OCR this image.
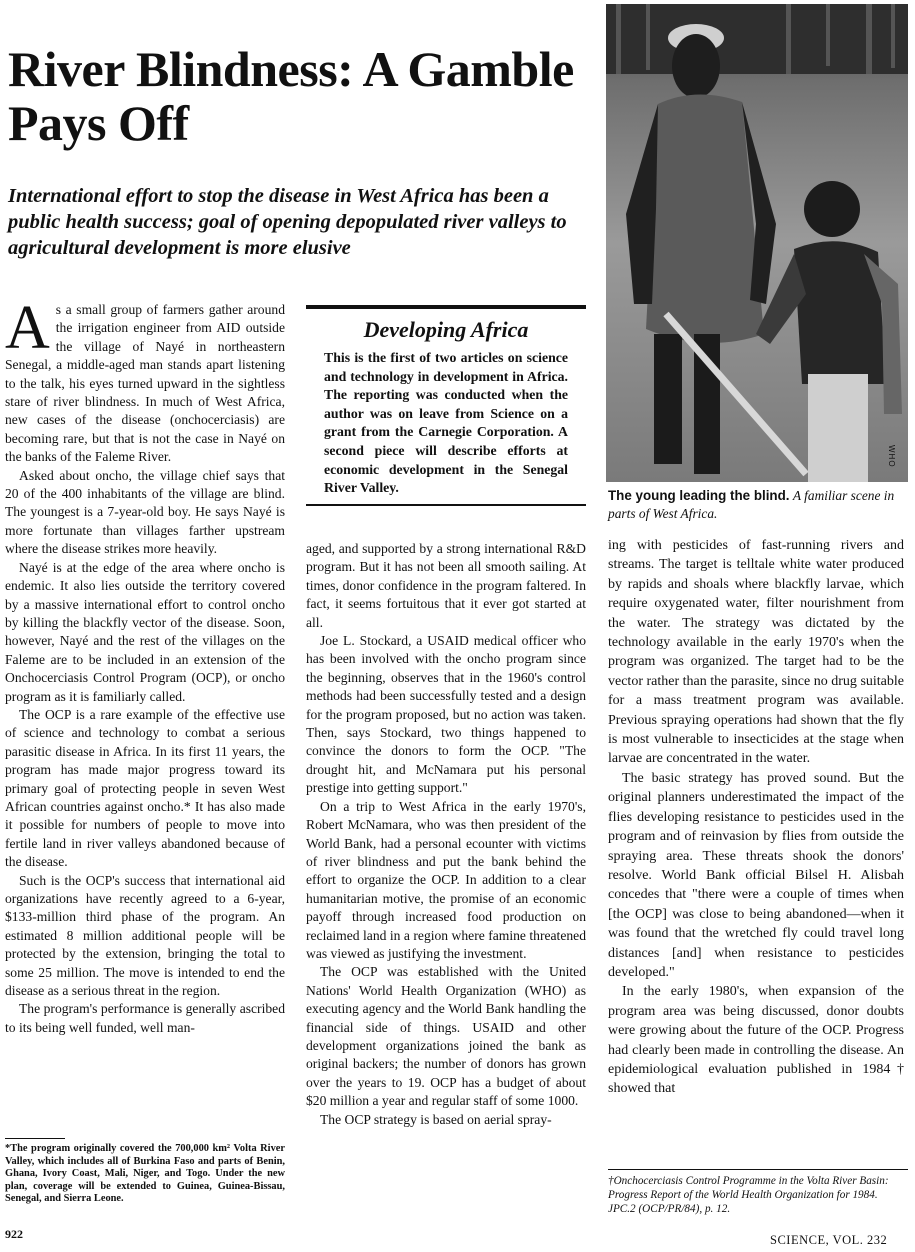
River Blindness: A Gamble Pays Off

International effort to stop the disease in West Africa has been a public health success; goal of opening depopulated river valleys to agricultural development is more elusive

As a small group of farmers gather around the irrigation engineer from AID outside the village of Nayé in northeastern Senegal, a middle-aged man stands apart listening to the talk, his eyes turned upward in the sightless stare of river blindness. In much of West Africa, new cases of the disease (onchocerciasis) are becoming rare, but that is not the case in Nayé on the banks of the Faleme River.

Asked about oncho, the village chief says that 20 of the 400 inhabitants of the village are blind. The youngest is a 7-year-old boy. He says Nayé is more fortunate than villages farther upstream where the disease strikes more heavily.

Nayé is at the edge of the area where oncho is endemic. It also lies outside the territory covered by a massive international effort to control oncho by killing the blackfly vector of the disease. Soon, however, Nayé and the rest of the villages on the Faleme are to be included in an extension of the Onchocerciasis Control Program (OCP), or oncho program as it is familiarly called.

The OCP is a rare example of the effective use of science and technology to combat a serious parasitic disease in Africa. In its first 11 years, the program has made major progress toward its primary goal of protecting people in seven West African countries against oncho.* It has also made it possible for numbers of people to move into fertile land in river valleys abandoned because of the disease.

Such is the OCP's success that international aid organizations have recently agreed to a 6-year, $133-million third phase of the program. An estimated 8 million additional people will be protected by the extension, bringing the total to some 25 million. The move is intended to end the disease as a serious threat in the region.

The program's performance is generally ascribed to its being well funded, well man-

Developing Africa

This is the first of two articles on science and technology in development in Africa. The reporting was conducted when the author was on leave from Science on a grant from the Carnegie Corporation. A second piece will describe efforts at economic development in the Senegal River Valley.

aged, and supported by a strong international R&D program. But it has not been all smooth sailing. At times, donor confidence in the program faltered. In fact, it seems fortuitous that it ever got started at all.

Joe L. Stockard, a USAID medical officer who has been involved with the oncho program since the beginning, observes that in the 1960's control methods had been successfully tested and a design for the program proposed, but no action was taken. Then, says Stockard, two things happened to convince the donors to form the OCP. "The drought hit, and McNamara put his personal prestige into getting support."

On a trip to West Africa in the early 1970's, Robert McNamara, who was then president of the World Bank, had a personal ecounter with victims of river blindness and put the bank behind the effort to organize the OCP. In addition to a clear humanitarian motive, the promise of an economic payoff through increased food production on reclaimed land in a region where famine threatened was viewed as justifying the investment.

The OCP was established with the United Nations' World Health Organization (WHO) as executing agency and the World Bank handling the financial side of things. USAID and other development organizations joined the bank as original backers; the number of donors has grown over the years to 19. OCP has a budget of about $20 million a year and regular staff of some 1000.

The OCP strategy is based on aerial spray-

WHO
The young leading the blind. A familiar scene in parts of West Africa.

ing with pesticides of fast-running rivers and streams. The target is telltale white water produced by rapids and shoals where blackfly larvae, which require oxygenated water, filter nourishment from the water. The strategy was dictated by the technology available in the early 1970's when the program was organized. The target had to be the vector rather than the parasite, since no drug suitable for a mass treatment program was available. Previous spraying operations had shown that the fly is most vulnerable to insecticides at the stage when larvae are concentrated in the water.

The basic strategy has proved sound. But the original planners underestimated the impact of the flies developing resistance to pesticides used in the program and of reinvasion by flies from outside the spraying area. These threats shook the donors' resolve. World Bank official Bilsel H. Alisbah concedes that "there were a couple of times when [the OCP] was close to being abandoned—when it was found that the wretched fly could travel long distances [and] when resistance to pesticides developed."

In the early 1980's, when expansion of the program area was being discussed, donor doubts were growing about the future of the OCP. Progress had clearly been made in controlling the disease. An epidemiological evaluation published in 1984† showed that

*The program originally covered the 700,000 km² Volta River Valley, which includes all of Burkina Faso and parts of Benin, Ghana, Ivory Coast, Mali, Niger, and Togo. Under the new plan, coverage will be extended to Guinea, Guinea-Bissau, Senegal, and Sierra Leone.
†Onchocerciasis Control Programme in the Volta River Basin: Progress Report of the World Health Organization for 1984. JPC.2 (OCP/PR/84), p. 12.
922	SCIENCE, VOL. 232
